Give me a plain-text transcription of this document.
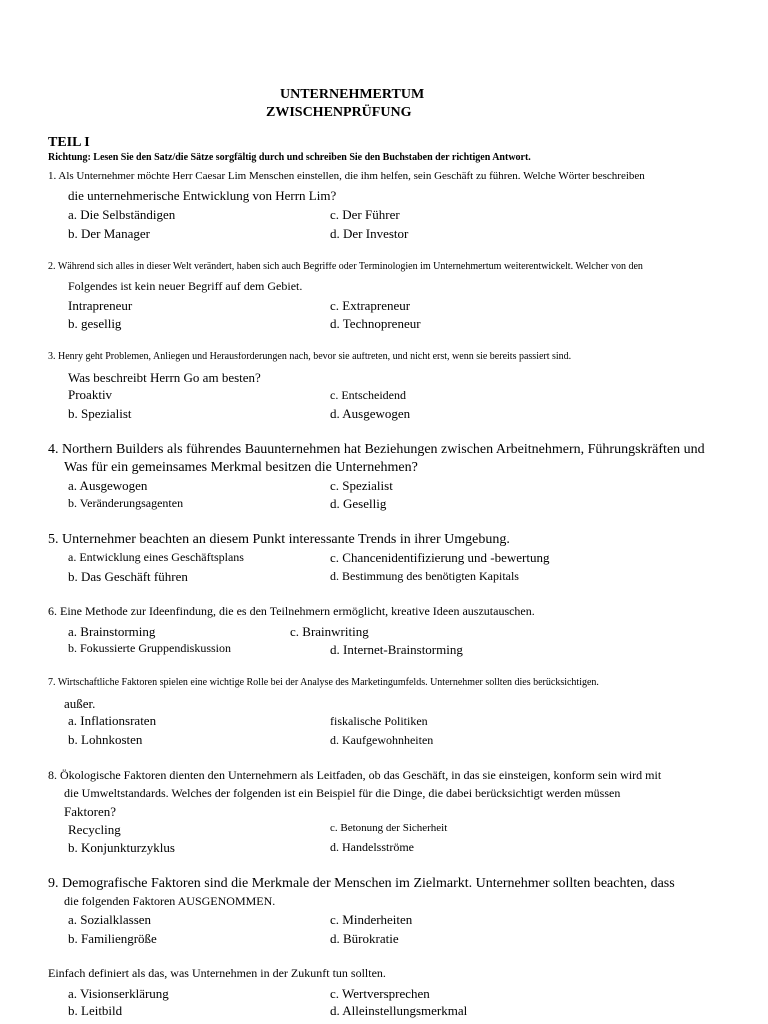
UNTERNEHMERTUM
ZWISCHENPRÜFUNG
TEIL I
Richtung: Lesen Sie den Satz/die Sätze sorgfältig durch und schreiben Sie den Buchstaben der richtigen Antwort.
1. Als Unternehmer möchte Herr Caesar Lim Menschen einstellen, die ihm helfen, sein Geschäft zu führen. Welche Wörter beschreiben
die unternehmerische Entwicklung von Herrn Lim?
a. Die Selbständigen	c. Der Führer
b. Der Manager	d. Der Investor
2. Während sich alles in dieser Welt verändert, haben sich auch Begriffe oder Terminologien im Unternehmertum weiterentwickelt. Welcher von den
Folgendes ist kein neuer Begriff auf dem Gebiet.
Intrapreneur	c. Extrapreneur
b. gesellig	d. Technopreneur
3. Henry geht Problemen, Anliegen und Herausforderungen nach, bevor sie auftreten, und nicht erst, wenn sie bereits passiert sind.
Was beschreibt Herrn Go am besten?
Proaktiv	c. Entscheidend
b. Spezialist	d. Ausgewogen
4. Northern Builders als führendes Bauunternehmen hat Beziehungen zwischen Arbeitnehmern, Führungskräften und
Was für ein gemeinsames Merkmal besitzen die Unternehmen?
a. Ausgewogen	c. Spezialist
b. Veränderungsagenten	d. Gesellig
5. Unternehmer beachten an diesem Punkt interessante Trends in ihrer Umgebung.
a. Entwicklung eines Geschäftsplans	c. Chancenidentifizierung und -bewertung
b. Das Geschäft führen	d. Bestimmung des benötigten Kapitals
6. Eine Methode zur Ideenfindung, die es den Teilnehmern ermöglicht, kreative Ideen auszutauschen.
a. Brainstorming	c. Brainwriting
b. Fokussierte Gruppendiskussion	d. Internet-Brainstorming
7. Wirtschaftliche Faktoren spielen eine wichtige Rolle bei der Analyse des Marketingumfelds. Unternehmer sollten dies berücksichtigen.
außer.
a. Inflationsraten	fiskalische Politiken
b. Lohnkosten	d. Kaufgewohnheiten
8. Ökologische Faktoren dienten den Unternehmern als Leitfaden, ob das Geschäft, in das sie einsteigen, konform sein wird mit
die Umweltstandards. Welches der folgenden ist ein Beispiel für die Dinge, die dabei berücksichtigt werden müssen
Faktoren?
Recycling	c. Betonung der Sicherheit
b. Konjunkturzyklus	d. Handelsströme
9. Demografische Faktoren sind die Merkmale der Menschen im Zielmarkt. Unternehmer sollten beachten, dass
die folgenden Faktoren AUSGENOMMEN.
a. Sozialklassen	c. Minderheiten
b. Familiengröße	d. Bürokratie
Einfach definiert als das, was Unternehmen in der Zukunft tun sollten.
a. Visionserklärung	c. Wertversprechen
b. Leitbild	d. Alleinstellungsmerkmal
